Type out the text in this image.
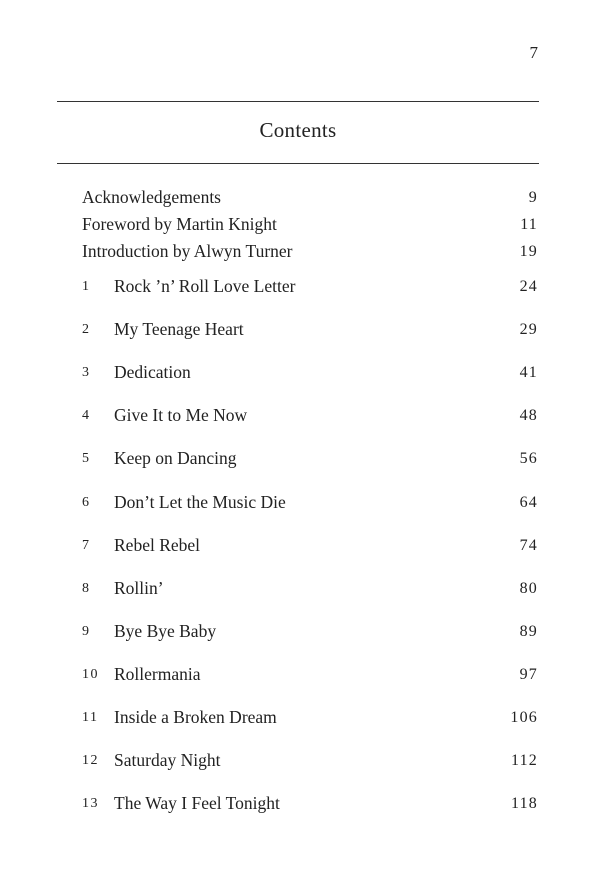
7
Contents
Acknowledgements	9
Foreword by Martin Knight	11
Introduction by Alwyn Turner	19
1 Rock ’n’ Roll Love Letter	24
2 My Teenage Heart	29
3 Dedication	41
4 Give It to Me Now	48
5 Keep on Dancing	56
6 Don’t Let the Music Die	64
7 Rebel Rebel	74
8 Rollin’	80
9 Bye Bye Baby	89
10 Rollermania	97
11 Inside a Broken Dream	106
12 Saturday Night	112
13 The Way I Feel Tonight	118
